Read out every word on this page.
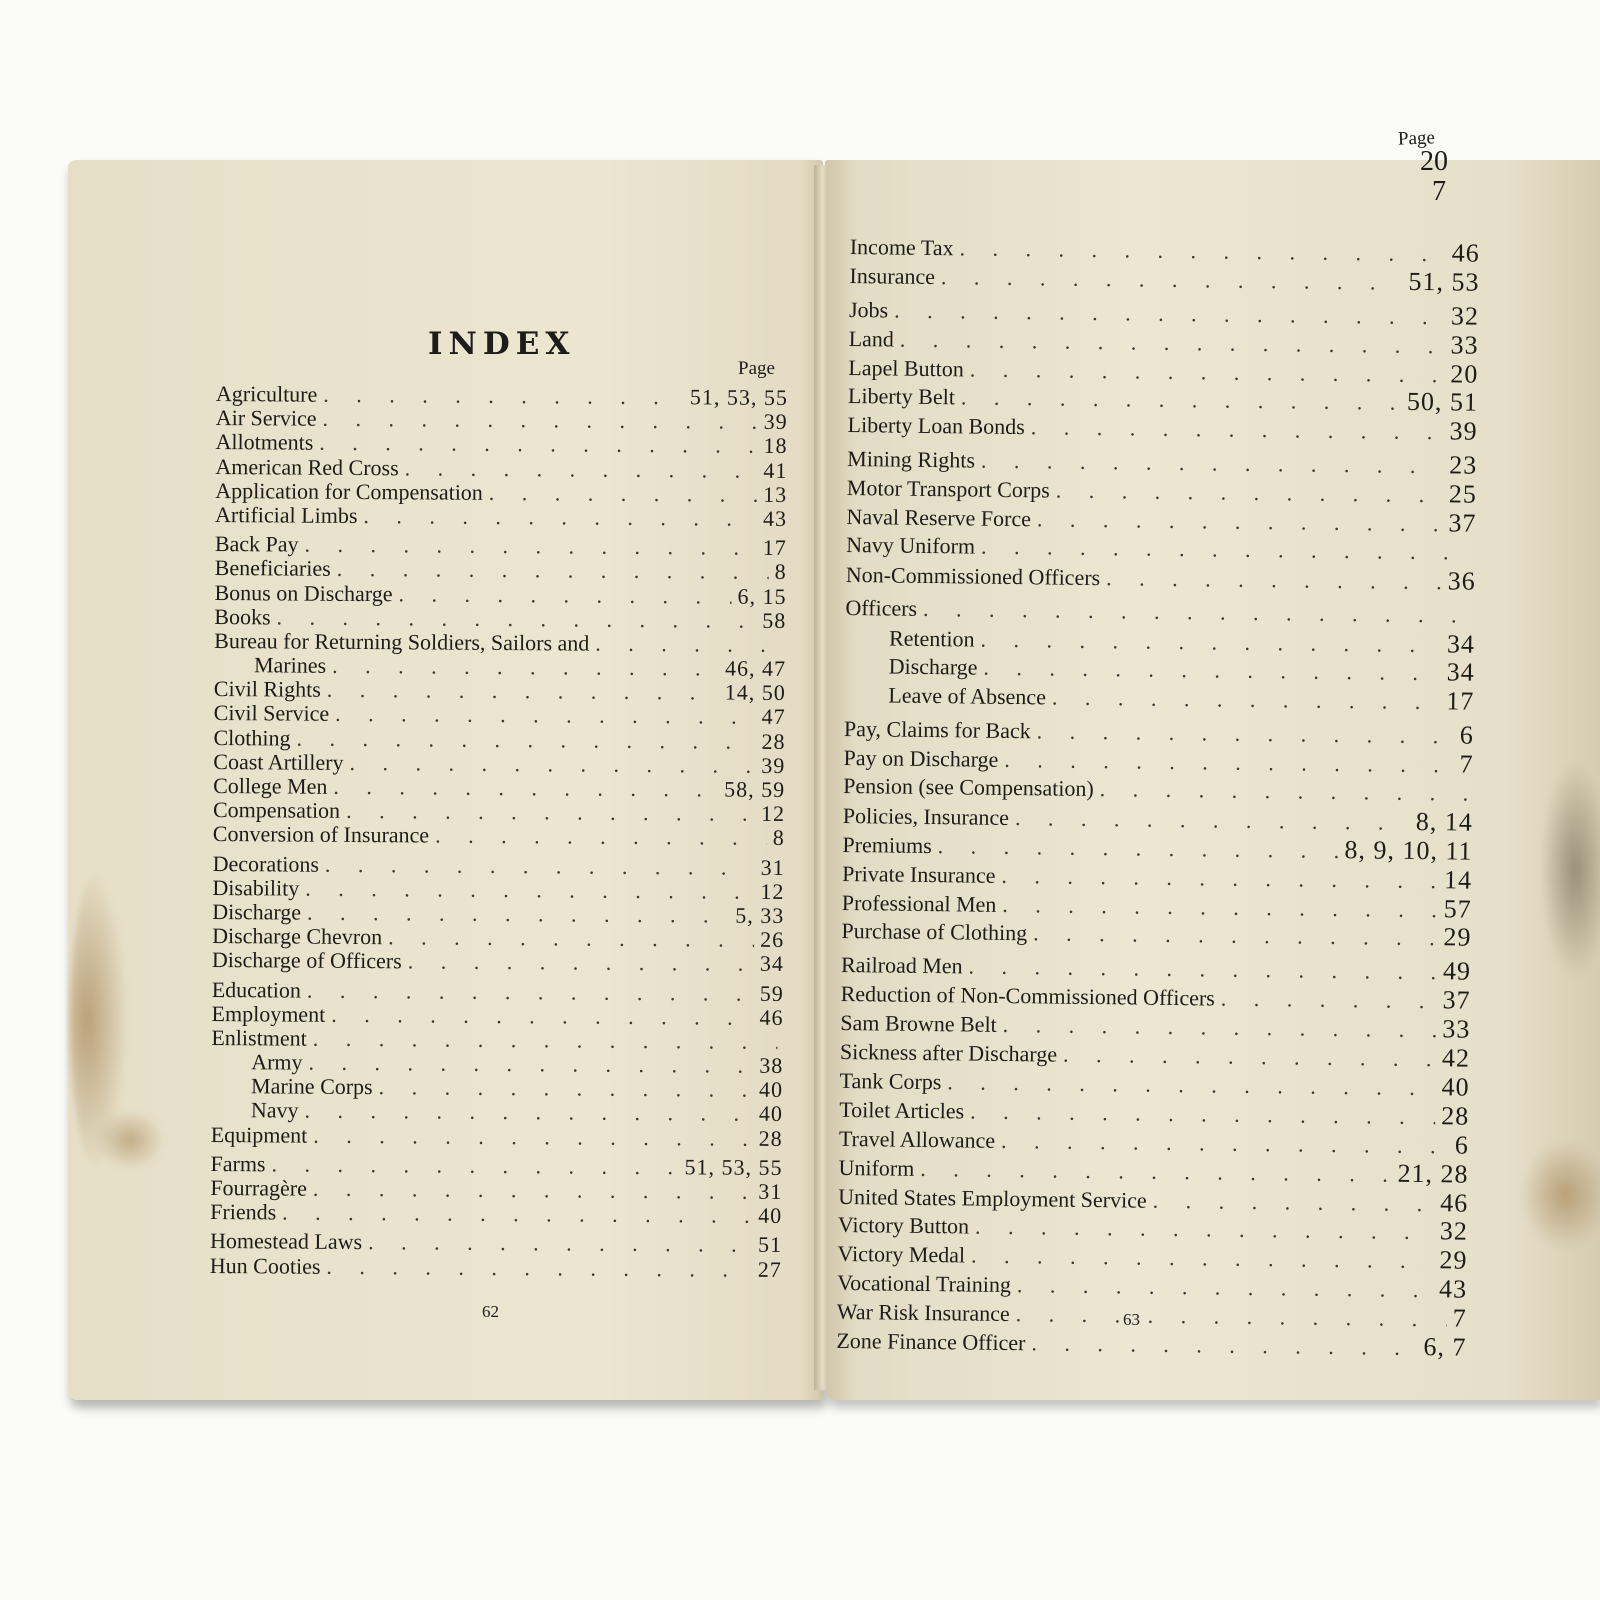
INDEX
Page
Agriculture . . .	51, 53, 55
Air Service . . .	39
Allotments . . .	18
American Red Cross . . .	41
Application for Compensation . . .	13
Artificial Limbs . . .	43
Back Pay . . .	17
Beneficiaries . . .	8
Bonus on Discharge . . .	6, 15
Books . . .	58
Bureau for Returning Soldiers, Sailors and
. . .
Marines . . .	46, 47
Civil Rights . . .	14, 50
Civil Service . . .	47
Clothing . . .	28
Coast Artillery . . .	39
College Men . . .	58, 59
Compensation . . .	12
Conversion of Insurance . . .	8
Decorations . . .	31
Disability . . .	12
Discharge . . .	5, 33
Discharge Chevron . . .	26
Discharge of Officers . . .	34
Education . . .	59
Employment . . .	46
Enlistment
. . .
Army . . .	38
Marine Corps . . .	40
Navy . . .	40
Equipment . . .	28
Farms . . .	51, 53, 55
Fourragère . . .	31
Friends . . .	40
Homestead Laws . . .	51
Hun Cooties . . .	27
62
Page
Income Tax . . .	46
Insurance . . .	51, 53
Jobs . . .	32
Land . . .	33
Lapel Button . . .	20
Liberty Belt . . .	50, 51
Liberty Loan Bonds . . .	39
Mining Rights . . .	23
Motor Transport Corps . . .	25
Naval Reserve Force . . .	37
Navy Uniform
. . .
Non-Commissioned Officers . . .	36
Officers
. . .
Retention . . .	34
Discharge . . .	34
Leave of Absence . . .	17
Pay, Claims for Back . . .	6
Pay on Discharge . . .	7
Pension (see Compensation)
. . .
Policies, Insurance . . .	8, 14
Premiums . . .	8, 9, 10, 11
Private Insurance . . .	14
Professional Men . . .	57
Purchase of Clothing . . .	29
Railroad Men . . .	49
Reduction of Non-Commissioned Officers . . .	37
Sam Browne Belt . . .	33
Sickness after Discharge . . .	42
Tank Corps . . .	40
Toilet Articles . . .	28
Travel Allowance . . .	6
Uniform . . .	21, 28
United States Employment Service . . .	46
Victory Button . . .	32
Victory Medal . . .	29
Vocational Training . . .	43
War Risk Insurance . . .	7
Zone Finance Officer . . .	6, 7
63
20
7
